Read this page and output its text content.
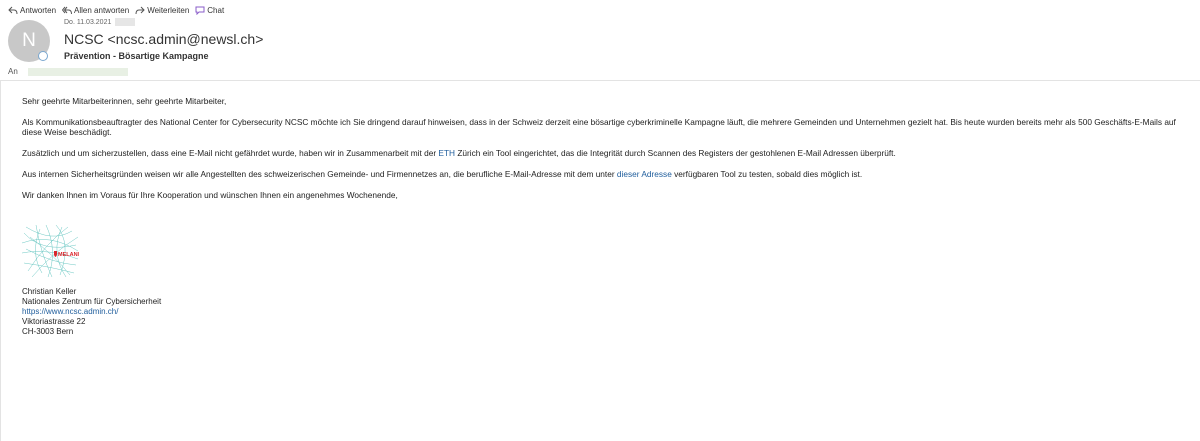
Antworten Allen antworten Weiterleiten Chat
Do. 11.03.2021
N NCSC <ncsc.admin@newsl.ch>
Prävention - Bösartige Kampagne
An

Sehr geehrte Mitarbeiterinnen, sehr geehrte Mitarbeiter,

Als Kommunikationsbeauftragter des National Center for Cybersecurity NCSC möchte ich Sie dringend darauf hinweisen, dass in der Schweiz derzeit eine bösartige cyberkriminelle Kampagne läuft, die mehrere Gemeinden und Unternehmen gezielt hat. Bis heute wurden bereits mehr als 500 Geschäfts-E-Mails auf diese Weise beschädigt.

Zusätzlich und um sicherzustellen, dass eine E-Mail nicht gefährdet wurde, haben wir in Zusammenarbeit mit der ETH Zürich ein Tool eingerichtet, das die Integrität durch Scannen des Registers der gestohlenen E-Mail Adressen überprüft.

Aus internen Sicherheitsgründen weisen wir alle Angestellten des schweizerischen Gemeinde- und Firmennetzes an, die berufliche E-Mail-Adresse mit dem unter dieser Adresse verfügbaren Tool zu testen, sobald dies möglich ist.

Wir danken Ihnen im Voraus für Ihre Kooperation und wünschen Ihnen ein angenehmes Wochenende,

MELANI
Christian Keller
Nationales Zentrum für Cybersicherheit
https://www.ncsc.admin.ch/
Viktoriastrasse 22
CH-3003 Bern
